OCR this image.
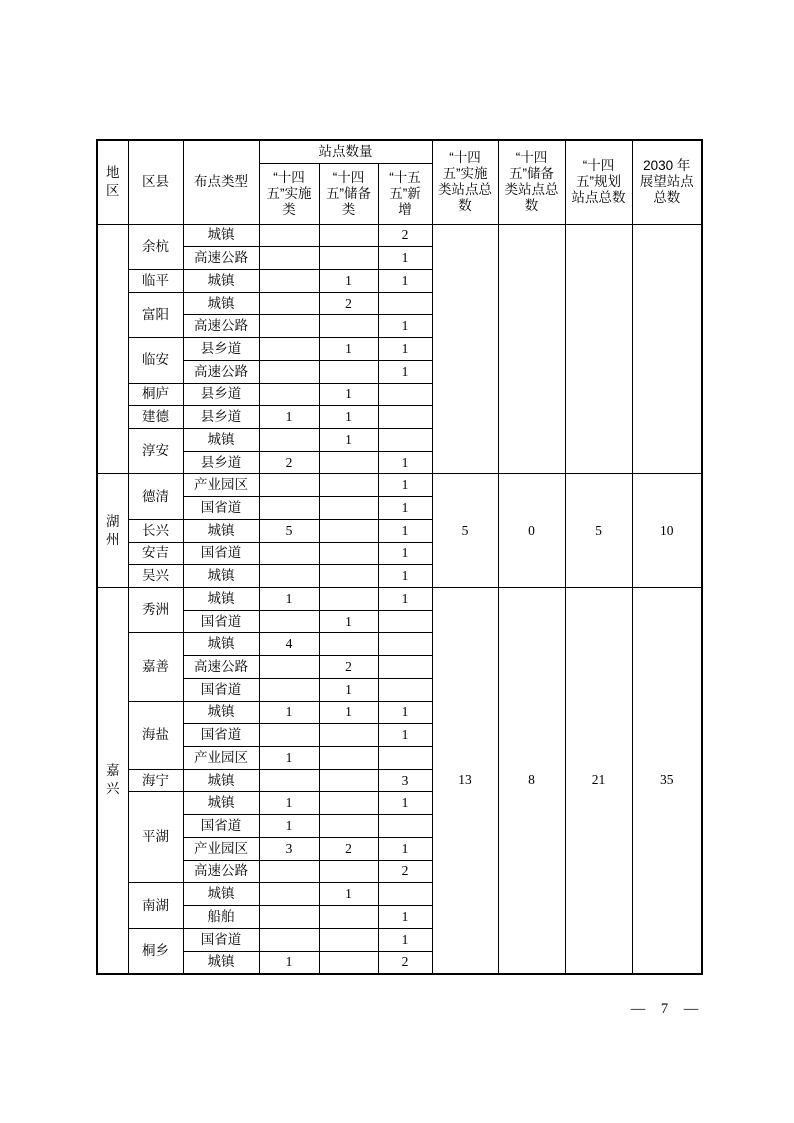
地区	区县	布点类型	站点数量			“十四五”实施类站点总数	“十四五”储备类站点总数	“十四五”规划站点总数	2030 年展望站点总数
			“十四五”实施类	“十四五”储备类	“十五五”新增				
	余杭	城镇			2				
		高速公路			1				
	临平	城镇		1	1				
	富阳	城镇		2					
		高速公路			1				
	临安	县乡道		1	1				
		高速公路			1				
	桐庐	县乡道		1					
	建德	县乡道	1	1					
	淳安	城镇		1					
		县乡道	2		1				
湖州	德清	产业园区			1	5	0	5	10
		国省道			1				
	长兴	城镇	5		1				
	安吉	国省道			1				
	吴兴	城镇			1				
嘉兴	秀洲	城镇	1		1	13	8	21	35
		国省道		1					
	嘉善	城镇	4						
		高速公路		2					
		国省道		1					
	海盐	城镇	1	1	1				
		国省道			1				
		产业园区	1						
	海宁	城镇			3				
	平湖	城镇	1		1				
		国省道	1						
		产业园区	3	2	1				
		高速公路			2				
	南湖	城镇		1					
		船舶			1				
	桐乡	国省道			1				
		城镇	1		2				
— 7 —
